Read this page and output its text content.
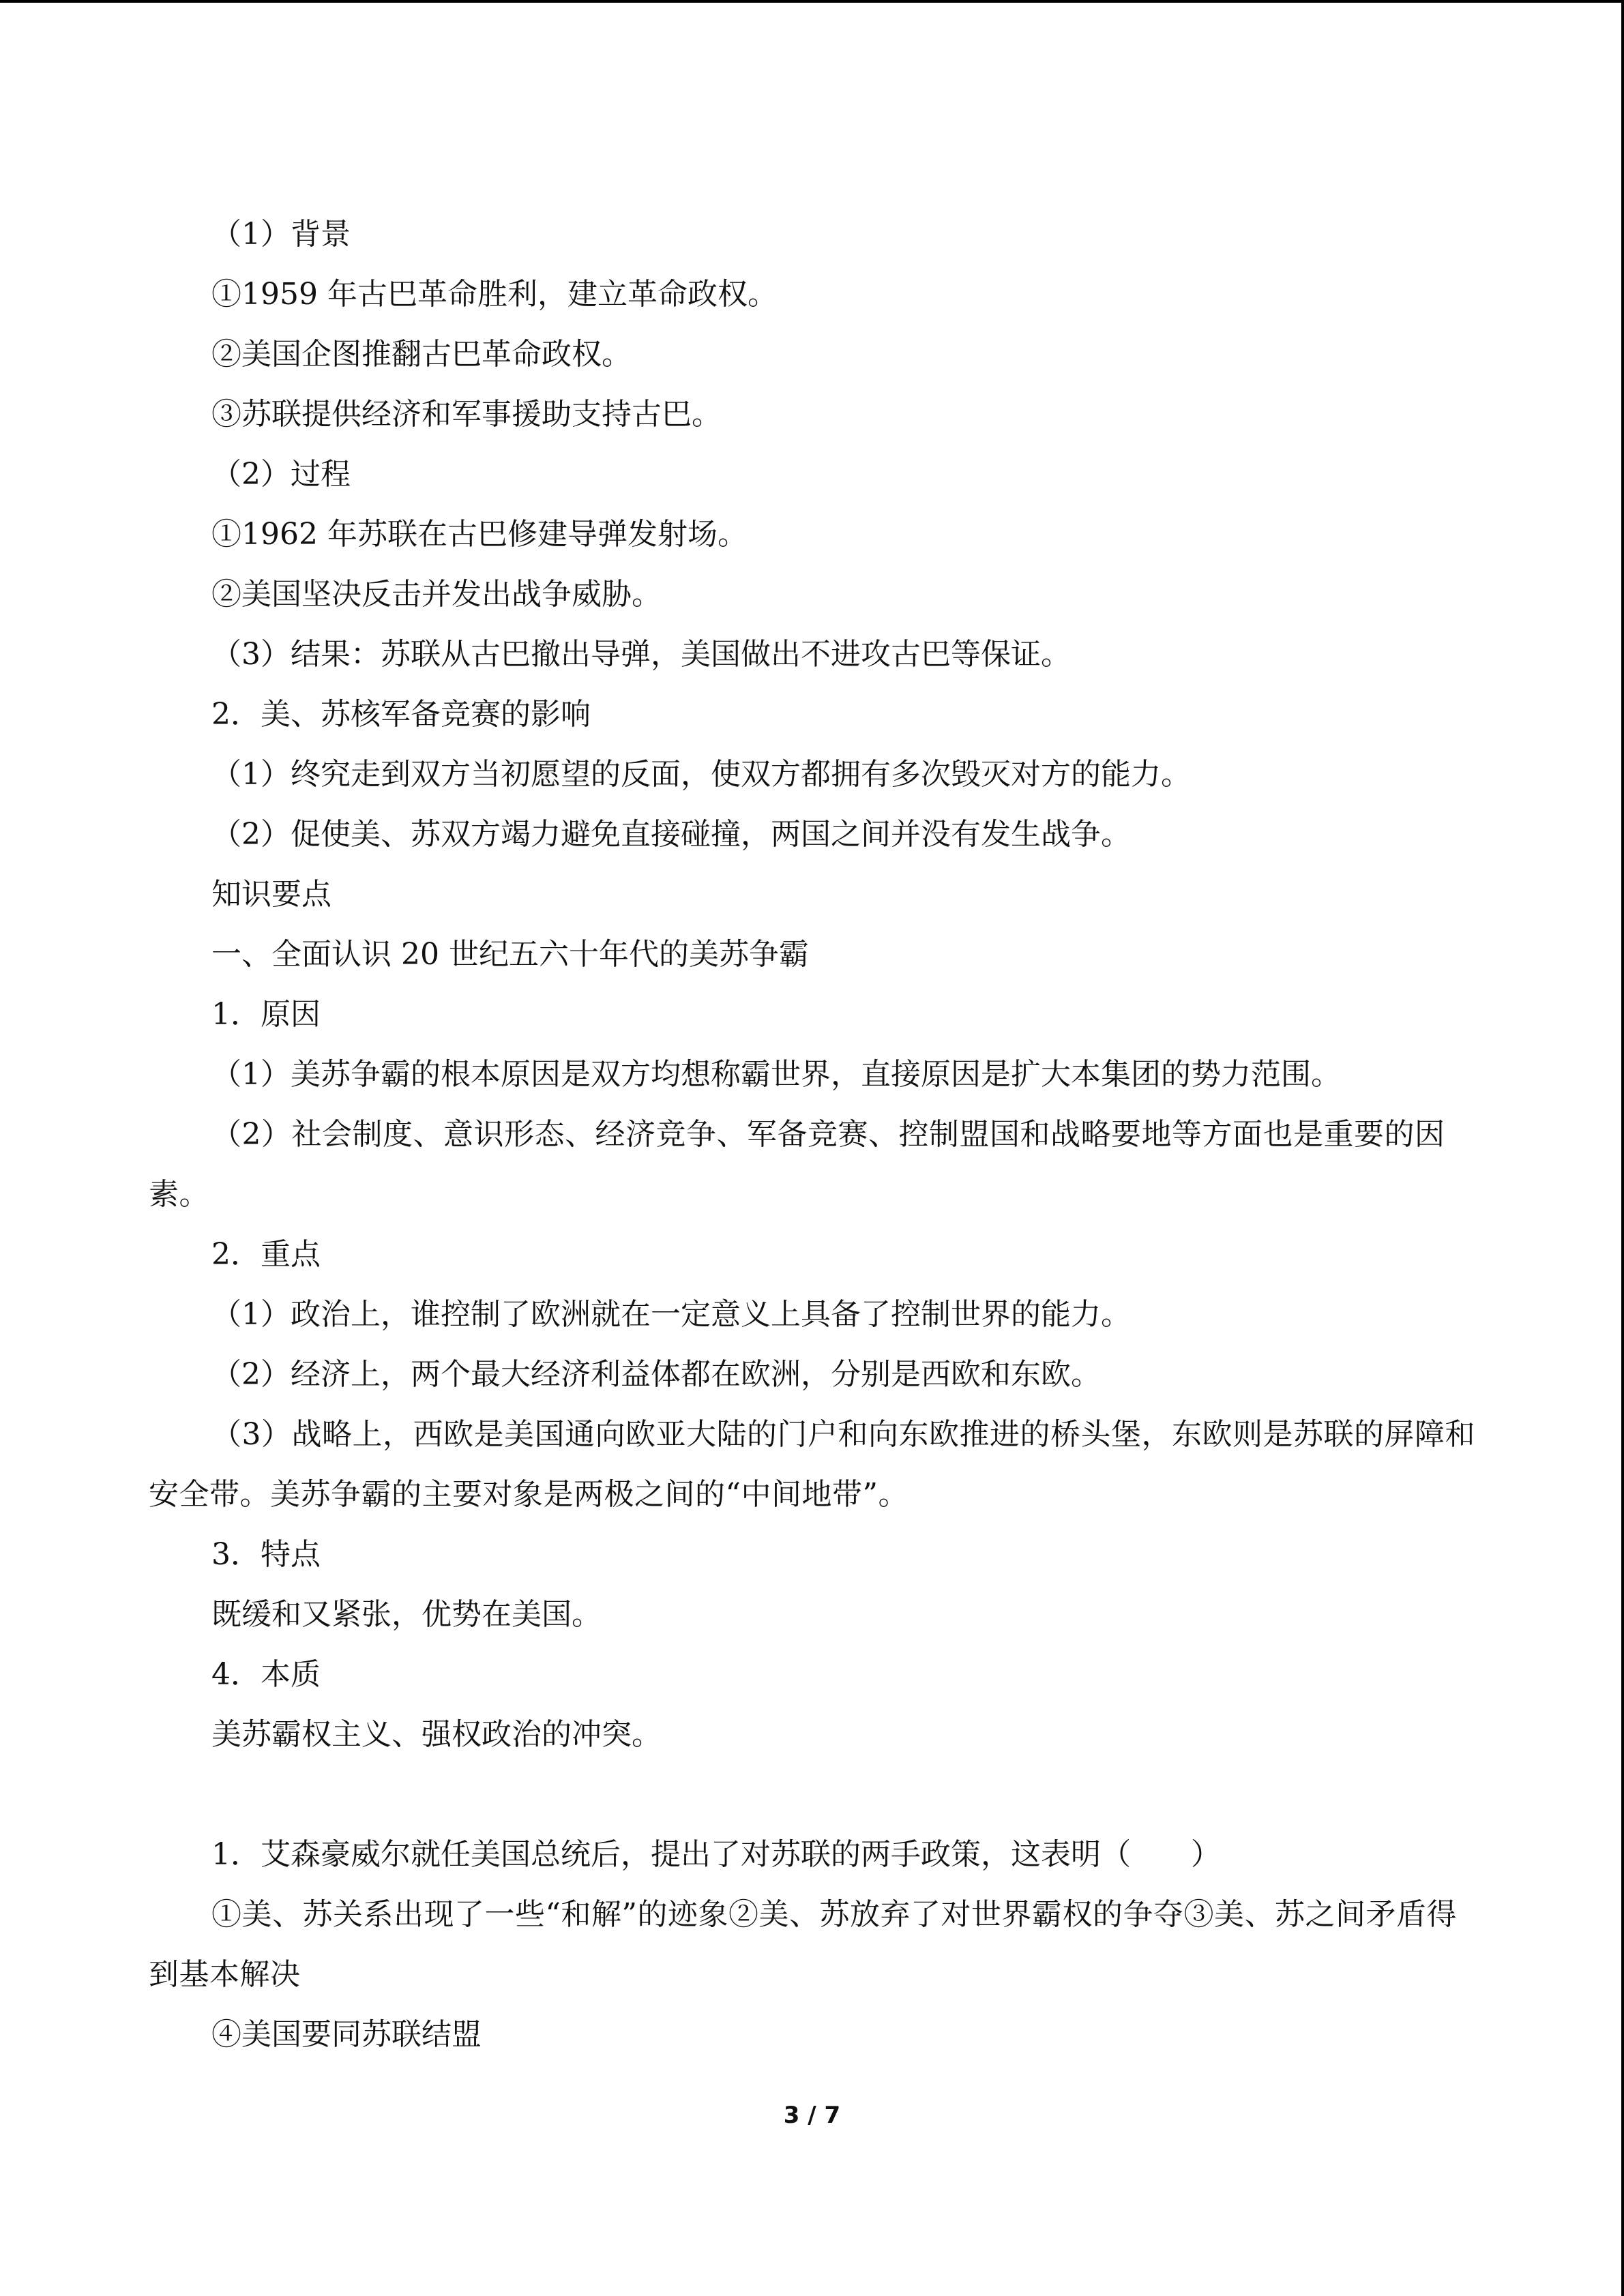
（1）背景
①1959 年古巴革命胜利，建立革命政权。
②美国企图推翻古巴革命政权。
③苏联提供经济和军事援助支持古巴。
（2）过程
①1962 年苏联在古巴修建导弹发射场。
②美国坚决反击并发出战争威胁。
（3）结果：苏联从古巴撤出导弹，美国做出不进攻古巴等保证。
2．美、苏核军备竞赛的影响
（1）终究走到双方当初愿望的反面，使双方都拥有多次毁灭对方的能力。
（2）促使美、苏双方竭力避免直接碰撞，两国之间并没有发生战争。
知识要点
一、全面认识 20 世纪五六十年代的美苏争霸
1．原因
（1）美苏争霸的根本原因是双方均想称霸世界，直接原因是扩大本集团的势力范围。
（2）社会制度、意识形态、经济竞争、军备竞赛、控制盟国和战略要地等方面也是重要的因素。
2．重点
（1）政治上，谁控制了欧洲就在一定意义上具备了控制世界的能力。
（2）经济上，两个最大经济利益体都在欧洲，分别是西欧和东欧。
（3）战略上，西欧是美国通向欧亚大陆的门户和向东欧推进的桥头堡，东欧则是苏联的屏障和安全带。美苏争霸的主要对象是两极之间的“中间地带”。
3．特点
既缓和又紧张，优势在美国。
4．本质
美苏霸权主义、强权政治的冲突。
1．艾森豪威尔就任美国总统后，提出了对苏联的两手政策，这表明（　　）
①美、苏关系出现了一些“和解”的迹象②美、苏放弃了对世界霸权的争夺③美、苏之间矛盾得到基本解决
④美国要同苏联结盟
3 / 7
